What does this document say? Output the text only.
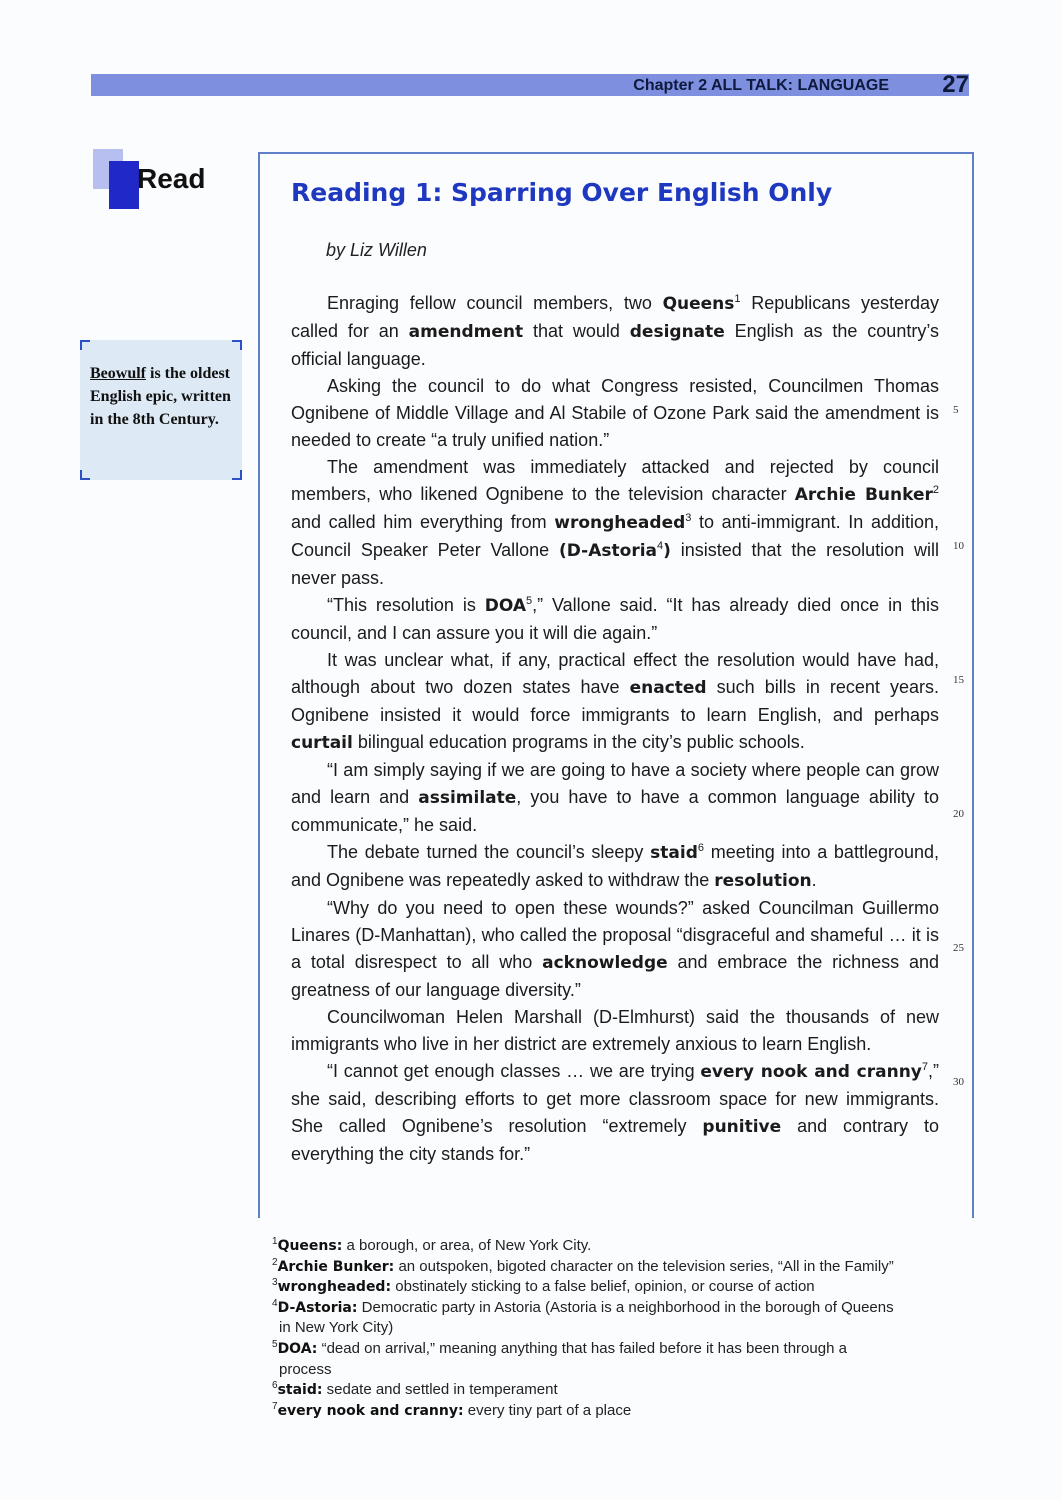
Chapter 2 ALL TALK: LANGUAGE 27
Read
Beowulf is the oldest English epic, written in the 8th Century.
Reading 1: Sparring Over English Only
by Liz Willen

Enraging fellow council members, two Queens$^1$ Republicans yesterday called for an amendment that would designate English as the country’s official language.

Asking the council to do what Congress resisted, Councilmen Thomas Ognibene of Middle Village and Al Stabile of Ozone Park said the amendment is needed to create “a truly unified nation.”

The amendment was immediately attacked and rejected by council members, who likened Ognibene to the television character Archie Bunker$^2$ and called him everything from wrongheaded$^3$ to anti-immigrant. In addition, Council Speaker Peter Vallone (D-Astoria$^4$) insisted that the resolution will never pass.

“This resolution is DOA$^5$,” Vallone said. “It has already died once in this council, and I can assure you it will die again.”

It was unclear what, if any, practical effect the resolution would have had, although about two dozen states have enacted such bills in recent years. Ognibene insisted it would force immigrants to learn English, and perhaps curtail bilingual education programs in the city’s public schools.

“I am simply saying if we are going to have a society where people can grow and learn and assimilate, you have to have a common language ability to communicate,” he said.

The debate turned the council’s sleepy staid$^6$ meeting into a battleground, and Ognibene was repeatedly asked to withdraw the resolution.

“Why do you need to open these wounds?” asked Councilman Guillermo Linares (D-Manhattan), who called the proposal “disgraceful and shameful … it is a total disrespect to all who acknowledge and embrace the richness and greatness of our language diversity.”

Councilwoman Helen Marshall (D-Elmhurst) said the thousands of new immigrants who live in her district are extremely anxious to learn English.

“I cannot get enough classes … we are trying every nook and cranny$^7$,” she said, describing efforts to get more classroom space for new immigrants. She called Ognibene’s resolution “extremely punitive and contrary to everything the city stands for.”

5
10
15
20
25
30
$^1$Queens: a borough, or area, of New York City.
$^2$Archie Bunker: an outspoken, bigoted character on the television series, “All in the Family”
$^3$wrongheaded: obstinately sticking to a false belief, opinion, or course of action
$^4$D-Astoria: Democratic party in Astoria (Astoria is a neighborhood in the borough of Queens
in New York City)
$^5$DOA: “dead on arrival,” meaning anything that has failed before it has been through a
process
$^6$staid: sedate and settled in temperament
$^7$every nook and cranny: every tiny part of a place
